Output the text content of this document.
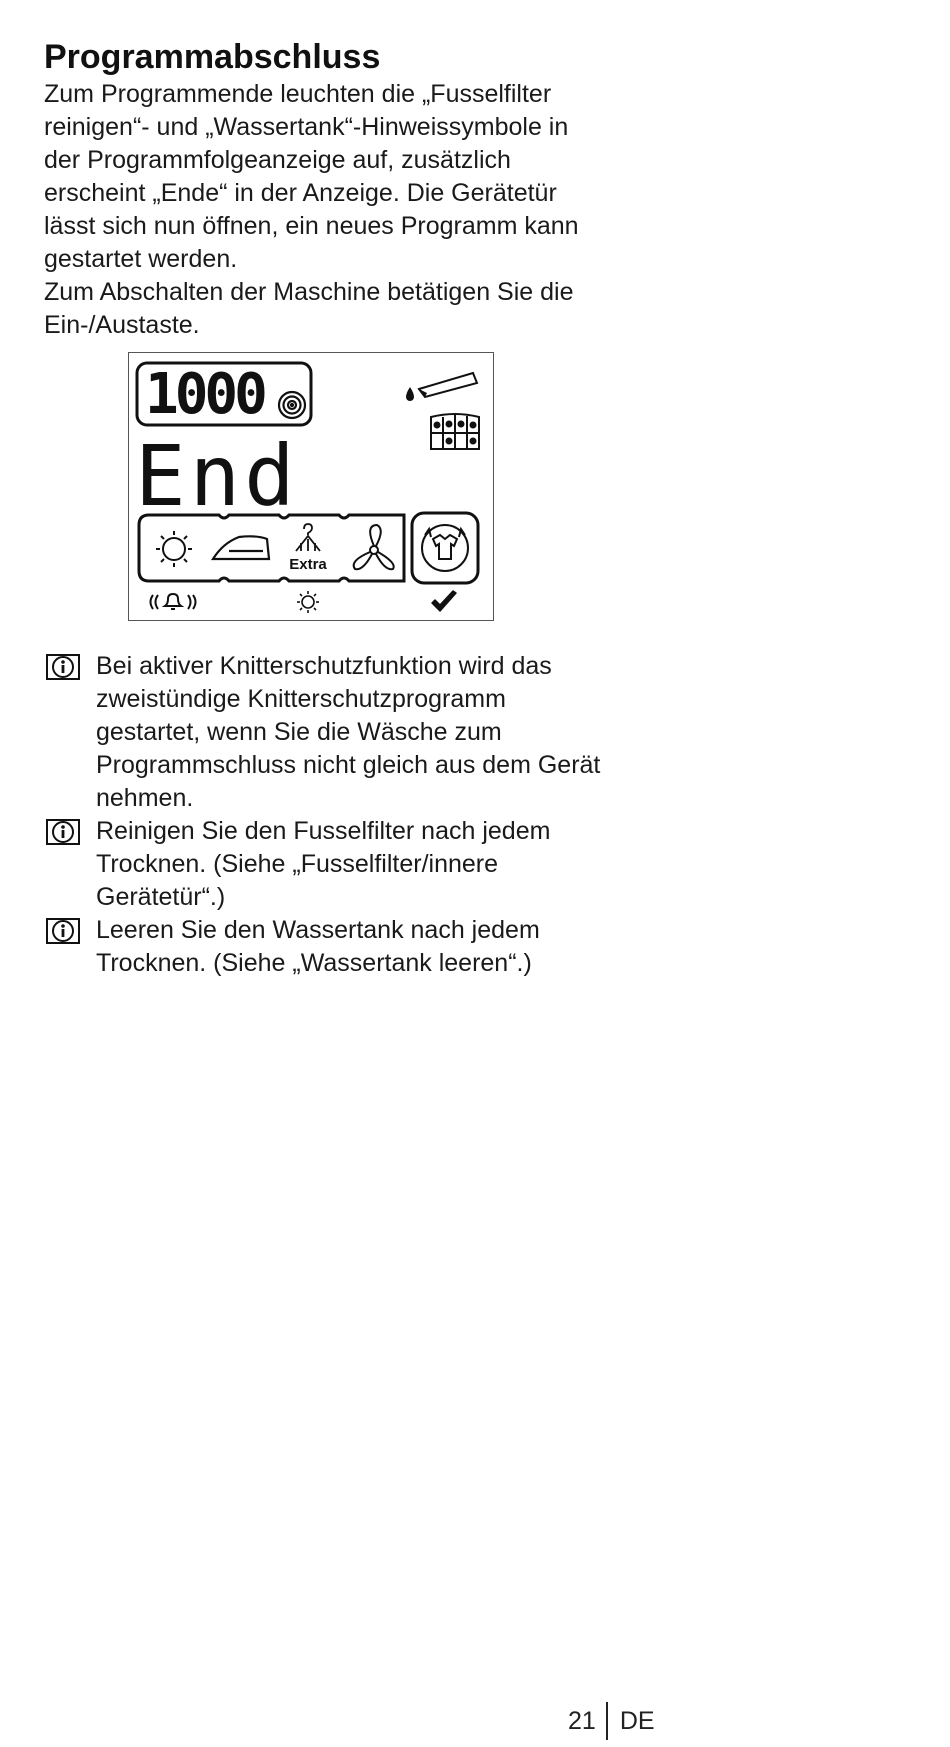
Programmabschluss

Zum Programmende leuchten die „Fusselfilter reinigen“- und „Wassertank“-Hinweissymbole in der Programmfolgeanzeige auf, zusätzlich erscheint „Ende“ in der Anzeige. Die Gerätetür lässt sich nun öffnen, ein neues Programm kann gestartet werden.

Zum Abschalten der Maschine betätigen Sie die Ein-/Austaste.

1000
End
Extra

Bei aktiver Knitterschutzfunktion wird das zweistündige Knitterschutzprogramm gestartet, wenn Sie die Wäsche zum Programmschluss nicht gleich aus dem Gerät nehmen.

Reinigen Sie den Fusselfilter nach jedem Trocknen. (Siehe „Fusselfilter/innere Gerätetür“.)

Leeren Sie den Wassertank nach jedem Trocknen. (Siehe „Wassertank leeren“.)

21 DE
